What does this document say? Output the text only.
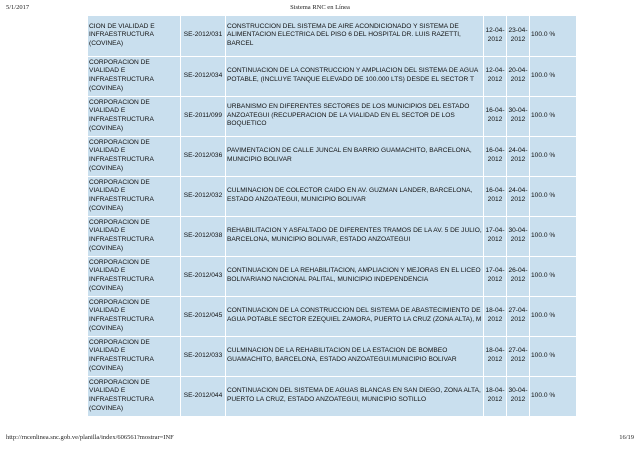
5/1/2017	Sistema RNC en Línea
CION DE VIALIDAD E INFRAESTRUCTURA (COVINEA)	SE-2012/031	CONSTRUCCION DEL SISTEMA DE AIRE ACONDICIONADO Y SISTEMA DE ALIMENTACION ELECTRICA DEL PISO 6 DEL HOSPITAL DR. LUIS RAZETTI, BARCEL	12-04-2012	23-04-2012	100.0 %
CORPORACION DE VIALIDAD E INFRAESTRUCTURA (COVINEA)	SE-2012/034	CONTINUACION DE LA CONSTRUCCION Y AMPLIACION DEL SISTEMA DE AGUA POTABLE, (INCLUYE TANQUE ELEVADO DE 100.000 LTS) DESDE EL SECTOR T	12-04-2012	20-04-2012	100.0 %
CORPORACION DE VIALIDAD E INFRAESTRUCTURA (COVINEA)	SE-2011/099	URBANISMO EN DIFERENTES SECTORES DE LOS MUNICIPIOS DEL ESTADO ANZOATEGUI (RECUPERACION DE LA VIALIDAD EN EL SECTOR DE LOS BOQUETICO	16-04-2012	30-04-2012	100.0 %
CORPORACION DE VIALIDAD E INFRAESTRUCTURA (COVINEA)	SE-2012/036	PAVIMENTACION DE CALLE JUNCAL EN BARRIO GUAMACHITO, BARCELONA, MUNICIPIO BOLIVAR	16-04-2012	24-04-2012	100.0 %
CORPORACION DE VIALIDAD E INFRAESTRUCTURA (COVINEA)	SE-2012/032	CULMINACION DE COLECTOR CAIDO EN AV. GUZMAN LANDER, BARCELONA, ESTADO ANZOATEGUI, MUNICIPIO BOLIVAR	16-04-2012	24-04-2012	100.0 %
CORPORACION DE VIALIDAD E INFRAESTRUCTURA (COVINEA)	SE-2012/038	REHABILITACION Y ASFALTADO DE DIFERENTES TRAMOS DE LA AV. 5 DE JULIO, BARCELONA, MUNICIPIO BOLIVAR, ESTADO ANZOATEGUI	17-04-2012	30-04-2012	100.0 %
CORPORACION DE VIALIDAD E INFRAESTRUCTURA (COVINEA)	SE-2012/043	CONTINUACION DE LA REHABILITACION, AMPLIACION Y MEJORAS EN EL LICEO BOLIVARIANO NACIONAL PALITAL, MUNICIPIO INDEPENDENCIA	17-04-2012	26-04-2012	100.0 %
CORPORACION DE VIALIDAD E INFRAESTRUCTURA (COVINEA)	SE-2012/045	CONTINUACION DE LA CONSTRUCCION DEL SISTEMA DE ABASTECIMIENTO DE AGUA POTABLE SECTOR EZEQUIEL ZAMORA, PUERTO LA CRUZ (ZONA ALTA), M	18-04-2012	27-04-2012	100.0 %
CORPORACION DE VIALIDAD E INFRAESTRUCTURA (COVINEA)	SE-2012/033	CULMINACION DE LA REHABILITACION DE LA ESTACION DE BOMBEO GUAMACHITO, BARCELONA, ESTADO ANZOATEGUI.MUNICIPIO BOLIVAR	18-04-2012	27-04-2012	100.0 %
CORPORACION DE VIALIDAD E INFRAESTRUCTURA (COVINEA)	SE-2012/044	CONTINUACION DEL SISTEMA DE AGUAS BLANCAS EN SAN DIEGO, ZONA ALTA, PUERTO LA CRUZ, ESTADO ANZOATEGUI, MUNICIPIO SOTILLO	18-04-2012	30-04-2012	100.0 %
http://rncenlinea.snc.gob.ve/planilla/index/606561?mostrar=INF	16/19
